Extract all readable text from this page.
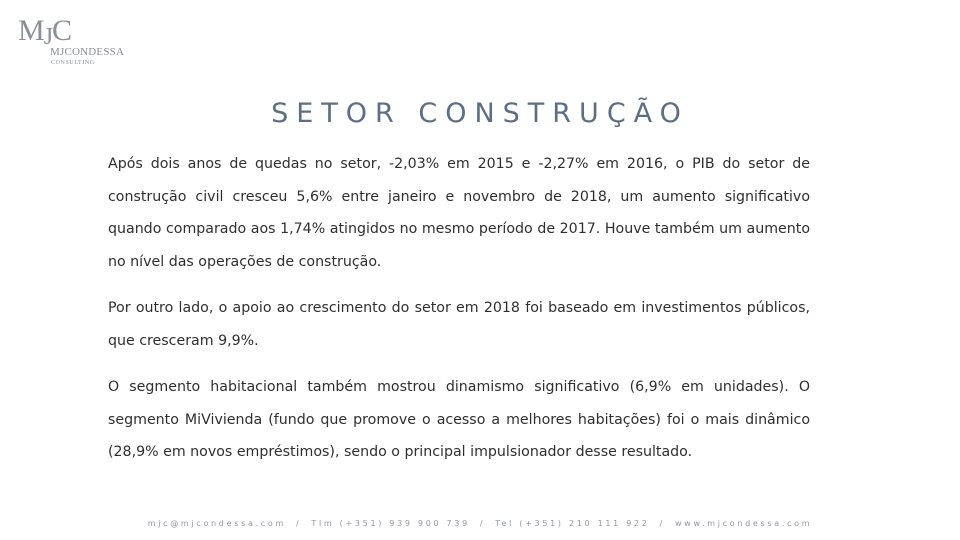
MJC
MJCONDESSA
CONSULTING
SETOR CONSTRUÇÃO

Após dois anos de quedas no setor, -2,03% em 2015 e -2,27% em 2016, o PIB do setor de construção civil cresceu 5,6% entre janeiro e novembro de 2018, um aumento significativo quando comparado aos 1,74% atingidos no mesmo período de 2017. Houve também um aumento no nível das operações de construção.

Por outro lado, o apoio ao crescimento do setor em 2018 foi baseado em investimentos públicos, que cresceram 9,9%.

O segmento habitacional também mostrou dinamismo significativo (6,9% em unidades). O segmento MiVivienda (fundo que promove o acesso a melhores habitações) foi o mais dinâmico (28,9% em novos empréstimos), sendo o principal impulsionador desse resultado.

mjc@mjcondessa.com / Tlm (+351) 939 900 739 / Tel (+351) 210 111 922 / www.mjcondessa.com
